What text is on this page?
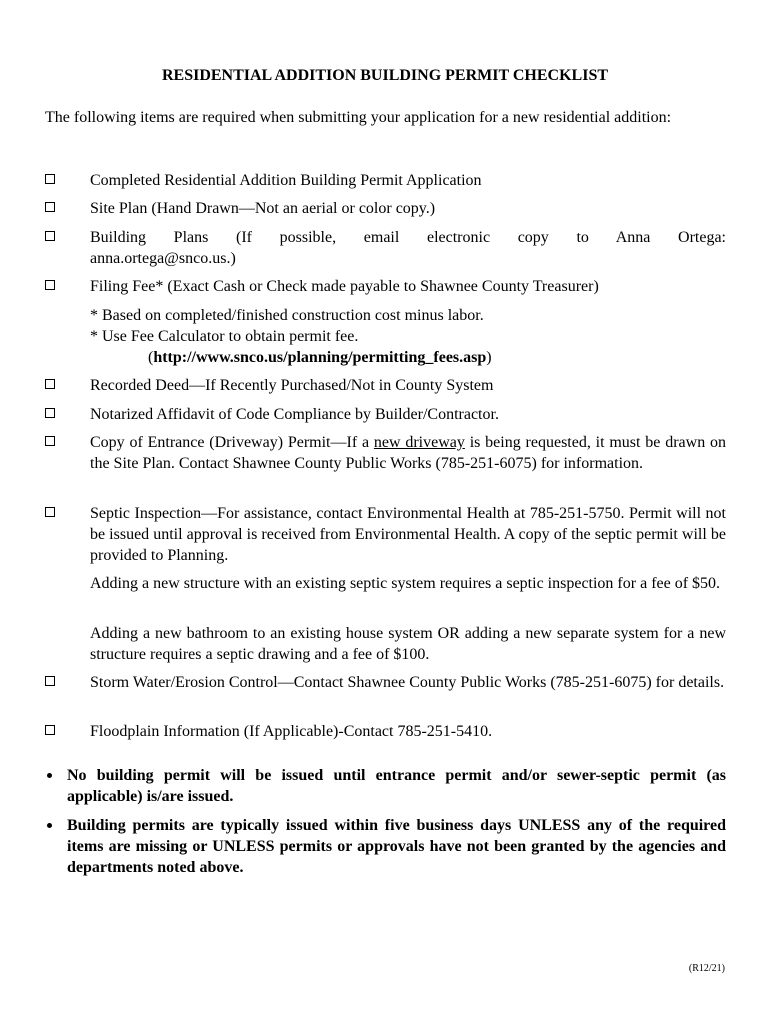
RESIDENTIAL ADDITION BUILDING PERMIT CHECKLIST
The following items are required when submitting your application for a new residential addition:
Completed Residential Addition Building Permit Application
Site Plan (Hand Drawn—Not an aerial or color copy.)
Building Plans (If possible, email electronic copy to Anna Ortega:
anna.ortega@snco.us.)
Filing Fee* (Exact Cash or Check made payable to Shawnee County Treasurer)
* Based on completed/finished construction cost minus labor.
* Use Fee Calculator to obtain permit fee.
(http://www.snco.us/planning/permitting_fees.asp)
Recorded Deed—If Recently Purchased/Not in County System
Notarized Affidavit of Code Compliance by Builder/Contractor.
Copy of Entrance (Driveway) Permit—If a new driveway is being requested, it must be drawn on the Site Plan. Contact Shawnee County Public Works (785-251-6075) for information.
Septic Inspection—For assistance, contact Environmental Health at 785-251-5750. Permit will not be issued until approval is received from Environmental Health. A copy of the septic permit will be provided to Planning.
Adding a new structure with an existing septic system requires a septic inspection for a fee of $50.
Adding a new bathroom to an existing house system OR adding a new separate system for a new structure requires a septic drawing and a fee of $100.
Storm Water/Erosion Control—Contact Shawnee County Public Works (785-251-6075) for details.
Floodplain Information (If Applicable)-Contact 785-251-5410.
No building permit will be issued until entrance permit and/or sewer-septic permit (as applicable) is/are issued.
Building permits are typically issued within five business days UNLESS any of the required items are missing or UNLESS permits or approvals have not been granted by the agencies and departments noted above.
(R12/21)
